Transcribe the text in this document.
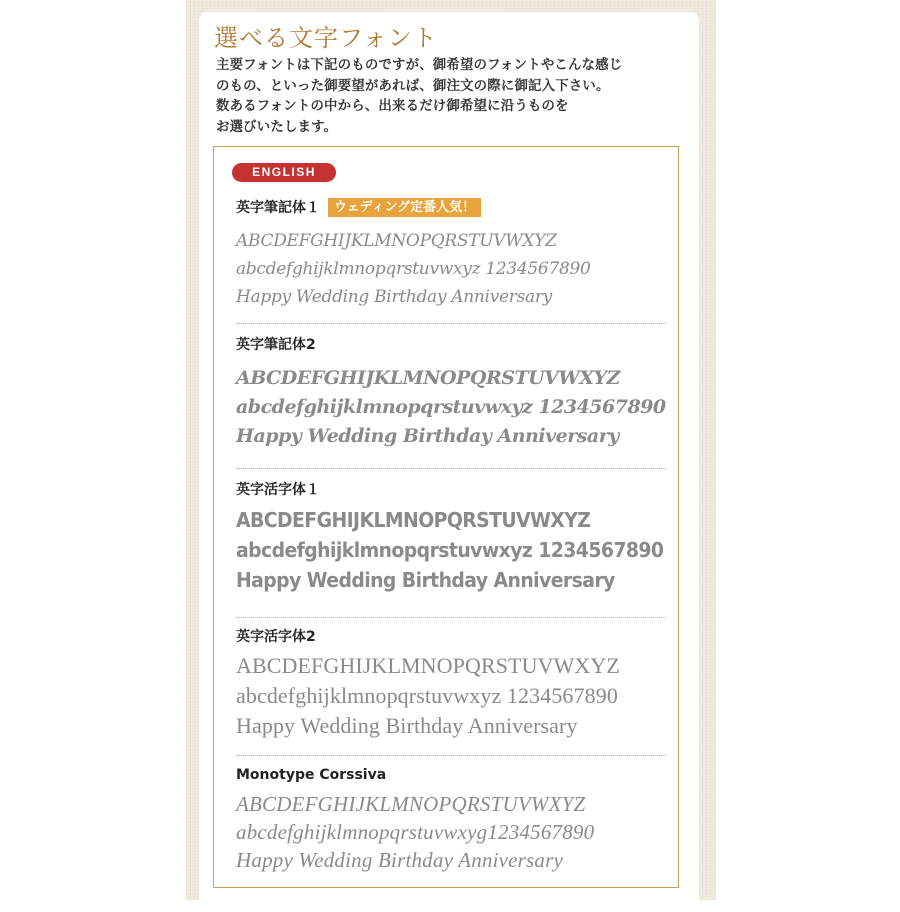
選べる文字フォント
主要フォントは下記のものですが、御希望のフォントやこんな感じ
のもの、といった御要望があれば、御注文の際に御記入下さい。
数あるフォントの中から、出来るだけ御希望に沿うものを
お選びいたします。
ENGLISH
英字筆記体１ ウェディング定番人気！
ABCDEFGHIJKLMNOPQRSTUVWXYZ
abcdefghijklmnopqrstuvwxyz 1234567890
Happy Wedding Birthday Anniversary
英字筆記体2
ABCDEFGHIJKLMNOPQRSTUVWXYZ
abcdefghijklmnopqrstuvwxyz 1234567890
Happy Wedding Birthday Anniversary
英字活字体１
ABCDEFGHIJKLMNOPQRSTUVWXYZ
abcdefghijklmnopqrstuvwxyz 1234567890
Happy Wedding Birthday Anniversary
英字活字体2
ABCDEFGHIJKLMNOPQRSTUVWXYZ
abcdefghijklmnopqrstuvwxyz 1234567890
Happy Wedding Birthday Anniversary
Monotype Corssiva
ABCDEFGHIJKLMNOPQRSTUVWXYZ
abcdefghijklmnopqrstuvwxyg1234567890
Happy Wedding Birthday Anniversary
